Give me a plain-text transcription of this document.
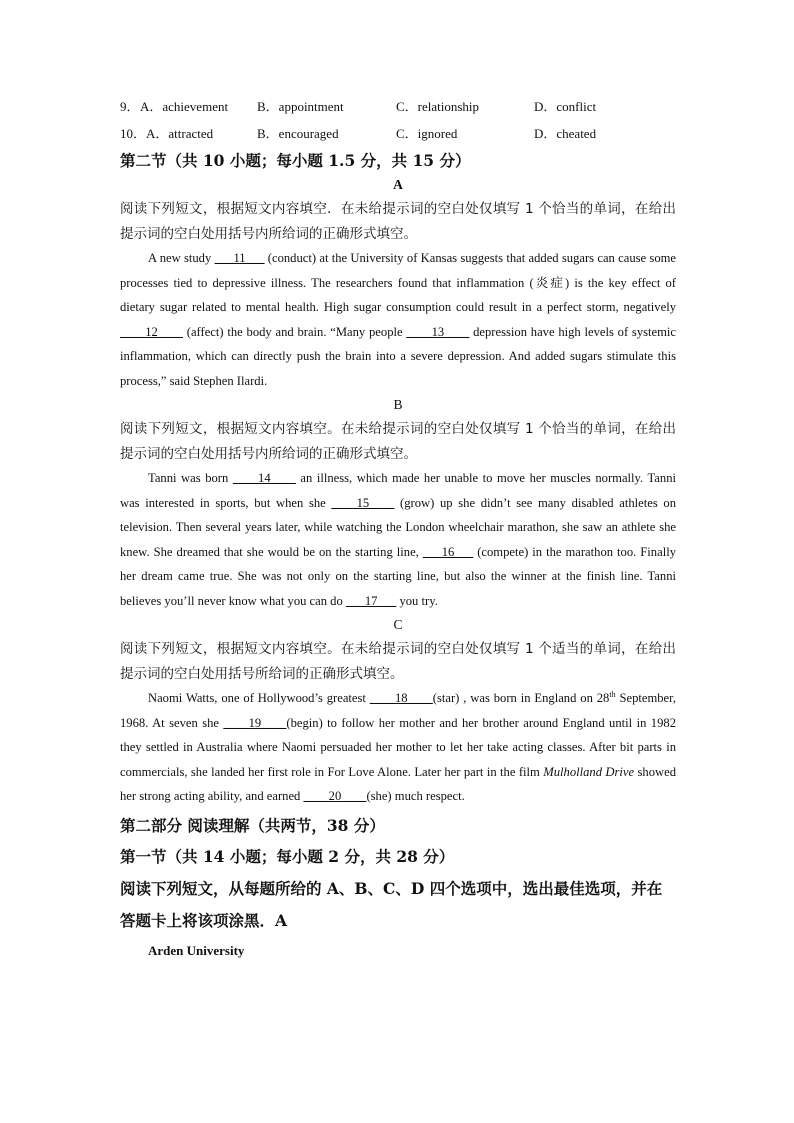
9． A．achievement B．appointment	C．relationship	D．conflict
10． A．attracted	B．encouraged	C．ignored	D．cheated
第二节（共 10 小题；每小题 1.5 分，共 15 分）
A
阅读下列短文，根据短文内容填空．在未给提示词的空白处仅填写 1 个恰当的单词，在给出提示词的空白处用括号内所给词的正确形式填空。
A new study ___11___ (conduct) at the University of Kansas suggests that added sugars can cause some processes tied to depressive illness. The researchers found that inflammation (炎症) is the key effect of dietary sugar related to mental health. High sugar consumption could result in a perfect storm, negatively ____12____ (affect) the body and brain. “Many people ____13____ depression have high levels of systemic inflammation, which can directly push the brain into a severe depression. And added sugars stimulate this process,” said Stephen Ilardi.
B
阅读下列短文，根据短文内容填空。在未给提示词的空白处仅填写 1 个恰当的单词，在给出提示词的空白处用括号内所给词的正确形式填空。
Tanni was born ____14____ an illness, which made her unable to move her muscles normally. Tanni was interested in sports, but when she ____15____ (grow) up she didn’t see many disabled athletes on television. Then several years later, while watching the London wheelchair marathon, she saw an athlete she knew. She dreamed that she would be on the starting line, ___16___ (compete) in the marathon too. Finally her dream came true. She was not only on the starting line, but also the winner at the finish line. Tanni believes you’ll never know what you can do ___17___ you try.
C
阅读下列短文，根据短文内容填空。在未给提示词的空白处仅填写 1 个适当的单词，在给出提示词的空白处用括号所给词的正确形式填空。
Naomi Watts, one of Hollywood’s greatest ____18____(star) , was born in England on 28th September, 1968. At seven she ____19____(begin) to follow her mother and her brother around England until in 1982 they settled in Australia where Naomi persuaded her mother to let her take acting classes. After bit parts in commercials, she landed her first role in For Love Alone. Later her part in the film Mulholland Drive showed her strong acting ability, and earned ____20____(she) much respect.
第二部分 阅读理解（共两节，38 分）
第一节（共 14 小题；每小题 2 分，共 28 分）
阅读下列短文，从每题所给的 A、B、C、D 四个选项中，选出最佳选项，并在答题卡上将该项涂黑．A
Arden University
